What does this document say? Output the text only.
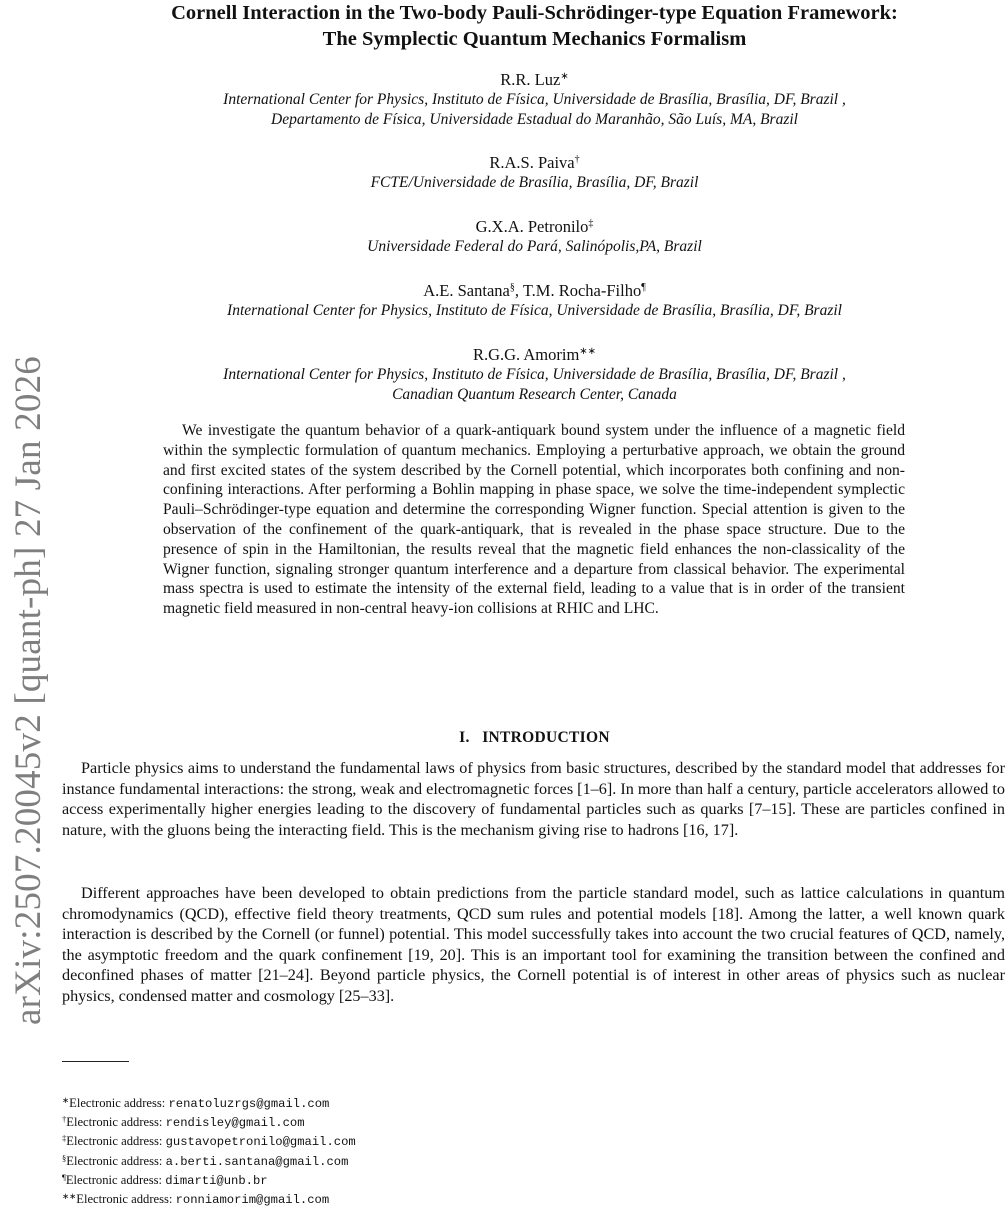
arXiv:2507.20045v2 [quant-ph] 27 Jan 2026
Cornell Interaction in the Two-body Pauli-Schrödinger-type Equation Framework:
The Symplectic Quantum Mechanics Formalism
R.R. Luz∗
International Center for Physics, Instituto de Física, Universidade de Brasília, Brasília, DF, Brazil ,
Departamento de Física, Universidade Estadual do Maranhão, São Luís, MA, Brazil
R.A.S. Paiva†
FCTE/Universidade de Brasília, Brasília, DF, Brazil
G.X.A. Petronilo‡
Universidade Federal do Pará, Salinópolis,PA, Brazil
A.E. Santana§, T.M. Rocha-Filho¶
International Center for Physics, Instituto de Física, Universidade de Brasília, Brasília, DF, Brazil
R.G.G. Amorim∗∗
International Center for Physics, Instituto de Física, Universidade de Brasília, Brasília, DF, Brazil ,
Canadian Quantum Research Center, Canada
We investigate the quantum behavior of a quark-antiquark bound system under the influence of a magnetic field within the symplectic formulation of quantum mechanics. Employing a perturbative approach, we obtain the ground and first excited states of the system described by the Cornell potential, which incorporates both confining and non-confining interactions. After performing a Bohlin mapping in phase space, we solve the time-independent symplectic Pauli–Schrödinger-type equation and determine the corresponding Wigner function. Special attention is given to the observation of the confinement of the quark-antiquark, that is revealed in the phase space structure. Due to the presence of spin in the Hamiltonian, the results reveal that the magnetic field enhances the non-classicality of the Wigner function, signaling stronger quantum interference and a departure from classical behavior. The experimental mass spectra is used to estimate the intensity of the external field, leading to a value that is in order of the transient magnetic field measured in non-central heavy-ion collisions at RHIC and LHC.
I.   INTRODUCTION
Particle physics aims to understand the fundamental laws of physics from basic structures, described by the standard model that addresses for instance fundamental interactions: the strong, weak and electromagnetic forces [1–6]. In more than half a century, particle accelerators allowed to access experimentally higher energies leading to the discovery of fundamental particles such as quarks [7–15]. These are particles confined in nature, with the gluons being the interacting field. This is the mechanism giving rise to hadrons [16, 17].
Different approaches have been developed to obtain predictions from the particle standard model, such as lattice calculations in quantum chromodynamics (QCD), effective field theory treatments, QCD sum rules and potential models [18]. Among the latter, a well known quark interaction is described by the Cornell (or funnel) potential. This model successfully takes into account the two crucial features of QCD, namely, the asymptotic freedom and the quark confinement [19, 20]. This is an important tool for examining the transition between the confined and deconfined phases of matter [21–24]. Beyond particle physics, the Cornell potential is of interest in other areas of physics such as nuclear physics, condensed matter and cosmology [25–33].
∗Electronic address: renatoluzrgs@gmail.com
†Electronic address: rendisley@gmail.com
‡Electronic address: gustavopetronilo@gmail.com
§Electronic address: a.berti.santana@gmail.com
¶Electronic address: dimarti@unb.br
∗∗Electronic address: ronniamorim@gmail.com
